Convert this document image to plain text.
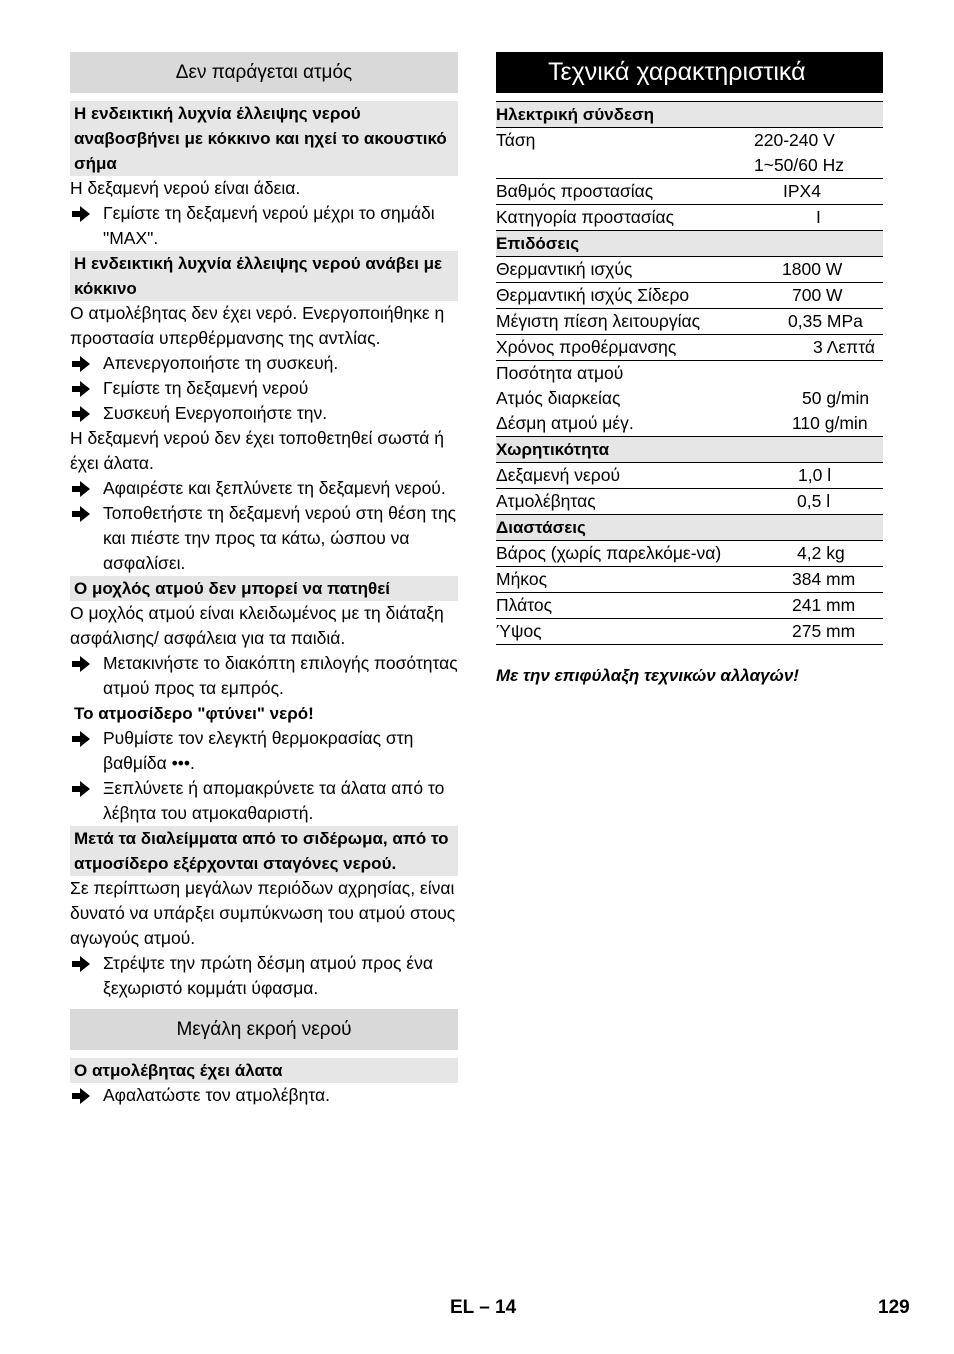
Δεν παράγεται ατμός
Η ενδεικτική λυχνία έλλειψης νερού αναβοσβήνει με κόκκινο και ηχεί το ακουστικό σήμα
Η δεξαμενή νερού είναι άδεια.
Γεμίστε τη δεξαμενή νερού μέχρι το σημάδι "MAX".
Η ενδεικτική λυχνία έλλειψης νερού ανάβει με κόκκινο
Ο ατμολέβητας δεν έχει νερό. Ενεργοποιήθηκε η προστασία υπερθέρμανσης της αντλίας.
Απενεργοποιήστε τη συσκευή.
Γεμίστε τη δεξαμενή νερού
Συσκευή Ενεργοποιήστε την.
Η δεξαμενή νερού δεν έχει τοποθετηθεί σωστά ή έχει άλατα.
Αφαιρέστε και ξεπλύνετε τη δεξαμενή νερού.
Τοποθετήστε τη δεξαμενή νερού στη θέση της και πιέστε την προς τα κάτω, ώσπου να ασφαλίσει.
Ο μοχλός ατμού δεν μπορεί να πατηθεί
Ο μοχλός ατμού είναι κλειδωμένος με τη διάταξη ασφάλισης/ ασφάλεια για τα παιδιά.
Μετακινήστε το διακόπτη επιλογής ποσότητας ατμού προς τα εμπρός.
Το ατμοσίδερο "φτύνει" νερό!
Ρυθμίστε τον ελεγκτή θερμοκρασίας στη βαθμίδα •••.
Ξεπλύνετε ή απομακρύνετε τα άλατα από το λέβητα του ατμοκαθαριστή.
Μετά τα διαλείμματα από το σιδέρωμα, από το ατμοσίδερο εξέρχονται σταγόνες νερού.
Σε περίπτωση μεγάλων περιόδων αχρησίας, είναι δυνατό να υπάρξει συμπύκνωση του ατμού στους αγωγούς ατμού.
Στρέψτε την πρώτη δέσμη ατμού προς ένα ξεχωριστό κομμάτι ύφασμα.
Μεγάλη εκροή νερού
Ο ατμολέβητας έχει άλατα
Αφαλατώστε τον ατμολέβητα.
Τεχνικά χαρακτηριστικά
Ηλεκτρική σύνδεση	
Τάση	220-240 V
	1~50/60 Hz
Βαθμός προστασίας	IPX4
Κατηγορία προστασίας	I
Επιδόσεις	
Θερμαντική ισχύς	1800 W
Θερμαντική ισχύς Σίδερο	700 W
Μέγιστη πίεση λειτουργίας	0,35 MPa
Χρόνος προθέρμανσης	3 Λεπτά
Ποσότητα ατμού	
Ατμός διαρκείας	50 g/min
Δέσμη ατμού μέγ.	110 g/min
Χωρητικότητα	
Δεξαμενή νερού	1,0 l
Ατμολέβητας	0,5 l
Διαστάσεις	
Βάρος (χωρίς παρελκόμε-να)	4,2 kg
Μήκος	384 mm
Πλάτος	241 mm
Ύψος	275 mm
Με την επιφύλαξη τεχνικών αλλαγών!
EL – 14	129
